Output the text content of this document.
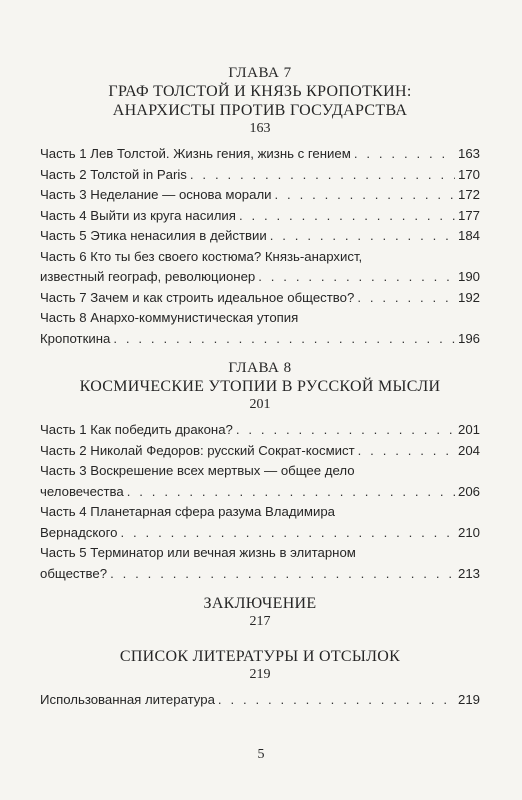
ГЛАВА 7
ГРАФ ТОЛСТОЙ И КНЯЗЬ КРОПОТКИН:
АНАРХИСТЫ ПРОТИВ ГОСУДАРСТВА
163
Часть 1 Лев Толстой. Жизнь гения, жизнь с гением . . .	163
Часть 2 Толстой in Paris . . .	170
Часть 3 Неделание — основа морали . . .	172
Часть 4 Выйти из круга насилия . . .	177
Часть 5 Этика ненасилия в действии . . .	184
Часть 6 Кто ты без своего костюма? Князь-анархист,
известный географ, революционер . . .	190
Часть 7 Зачем и как строить идеальное общество? . . .	192
Часть 8 Анархо-коммунистическая утопия
Кропоткина . . .	196
ГЛАВА 8
КОСМИЧЕСКИЕ УТОПИИ В РУССКОЙ МЫСЛИ
201
Часть 1 Как победить дракона? . . .	201
Часть 2 Николай Федоров: русский Сократ-космист . . .	204
Часть 3 Воскрешение всех мертвых — общее дело
человечества . . .	206
Часть 4 Планетарная сфера разума Владимира
Вернадского . . .	210
Часть 5 Терминатор или вечная жизнь в элитарном
обществе? . . .	213
ЗАКЛЮЧЕНИЕ
217
СПИСОК ЛИТЕРАТУРЫ И ОТСЫЛОК
219
Использованная литература . . .	219
5
